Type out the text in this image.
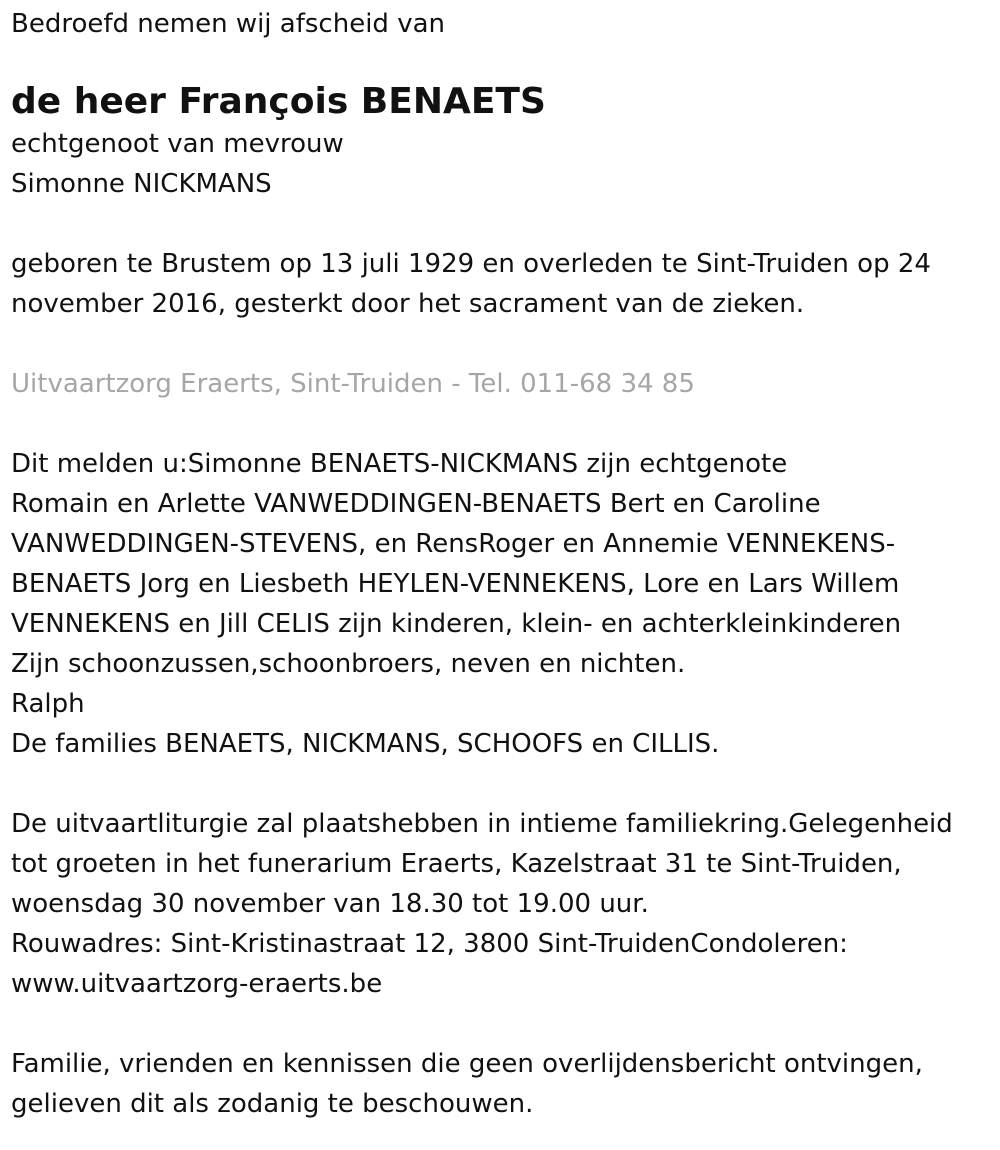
Bedroefd nemen wij afscheid van

de heer François BENAETS

echtgenoot van mevrouw

Simonne NICKMANS

geboren te Brustem op 13 juli 1929 en overleden te Sint-Truiden op 24 november 2016, gesterkt door het sacrament van de zieken.

Uitvaartzorg Eraerts, Sint-Truiden - Tel. 011-68 34 85

Dit melden u:Simonne BENAETS-NICKMANS zijn echtgenote

Romain en Arlette VANWEDDINGEN-BENAETS Bert en Caroline

VANWEDDINGEN-STEVENS, en RensRoger en Annemie VENNEKENS-

BENAETS Jorg en Liesbeth HEYLEN-VENNEKENS, Lore en Lars Willem

VENNEKENS en Jill CELIS zijn kinderen, klein- en achterkleinkinderen

Zijn schoonzussen,schoonbroers, neven en nichten.

Ralph

De families BENAETS, NICKMANS, SCHOOFS en CILLIS.

De uitvaartliturgie zal plaatshebben in intieme familiekring.Gelegenheid tot groeten in het funerarium Eraerts, Kazelstraat 31 te Sint-Truiden, woensdag 30 november van 18.30 tot 19.00 uur.

Rouwadres: Sint-Kristinastraat 12, 3800 Sint-TruidenCondoleren: www.uitvaartzorg-eraerts.be

Familie, vrienden en kennissen die geen overlijdensbericht ontvingen, gelieven dit als zodanig te beschouwen.
